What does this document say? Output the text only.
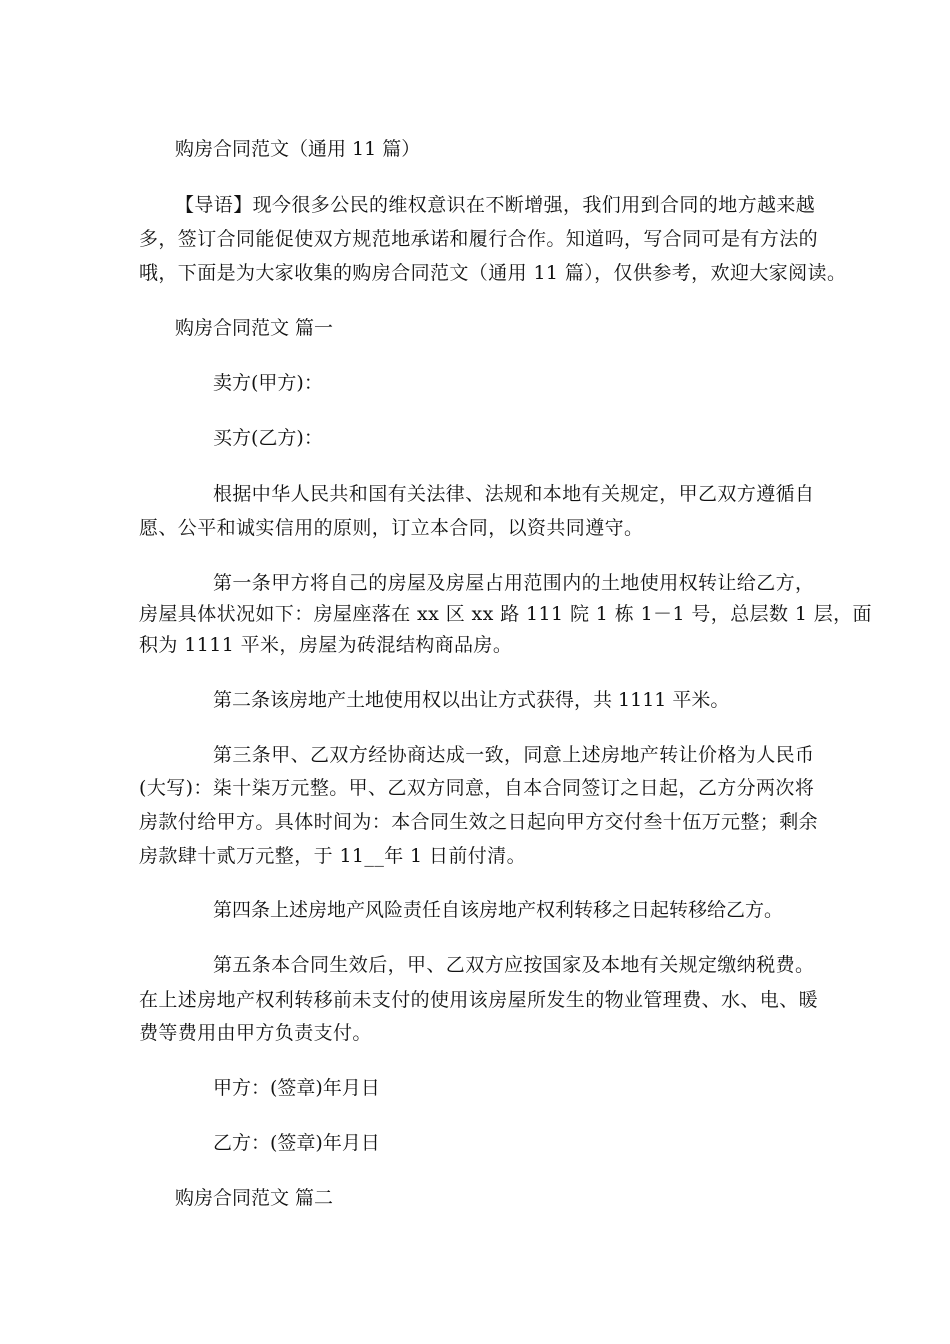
购房合同范文（通用 11 篇）
【导语】现今很多公民的维权意识在不断增强，我们用到合同的地方越来越
多，签订合同能促使双方规范地承诺和履行合作。知道吗，写合同可是有方法的
哦，下面是为大家收集的购房合同范文（通用 11 篇），仅供参考，欢迎大家阅读。
购房合同范文 篇一
卖方(甲方)：
买方(乙方)：
根据中华人民共和国有关法律、法规和本地有关规定，甲乙双方遵循自
愿、公平和诚实信用的原则，订立本合同，以资共同遵守。
第一条甲方将自己的房屋及房屋占用范围内的土地使用权转让给乙方，
房屋具体状况如下：房屋座落在 xx 区 xx 路 111 院 1 栋 1－1 号，总层数 1 层，面
积为 1111 平米，房屋为砖混结构商品房。
第二条该房地产土地使用权以出让方式获得，共 1111 平米。
第三条甲、乙双方经协商达成一致，同意上述房地产转让价格为人民币
(大写)：柒十柒万元整。甲、乙双方同意，自本合同签订之日起，乙方分两次将
房款付给甲方。具体时间为：本合同生效之日起向甲方交付叁十伍万元整；剩余
房款肆十贰万元整，于 11__年 1 日前付清。
第四条上述房地产风险责任自该房地产权利转移之日起转移给乙方。
第五条本合同生效后，甲、乙双方应按国家及本地有关规定缴纳税费。
在上述房地产权利转移前未支付的使用该房屋所发生的物业管理费、水、电、暖
费等费用由甲方负责支付。
甲方：(签章)年月日
乙方：(签章)年月日
购房合同范文 篇二
